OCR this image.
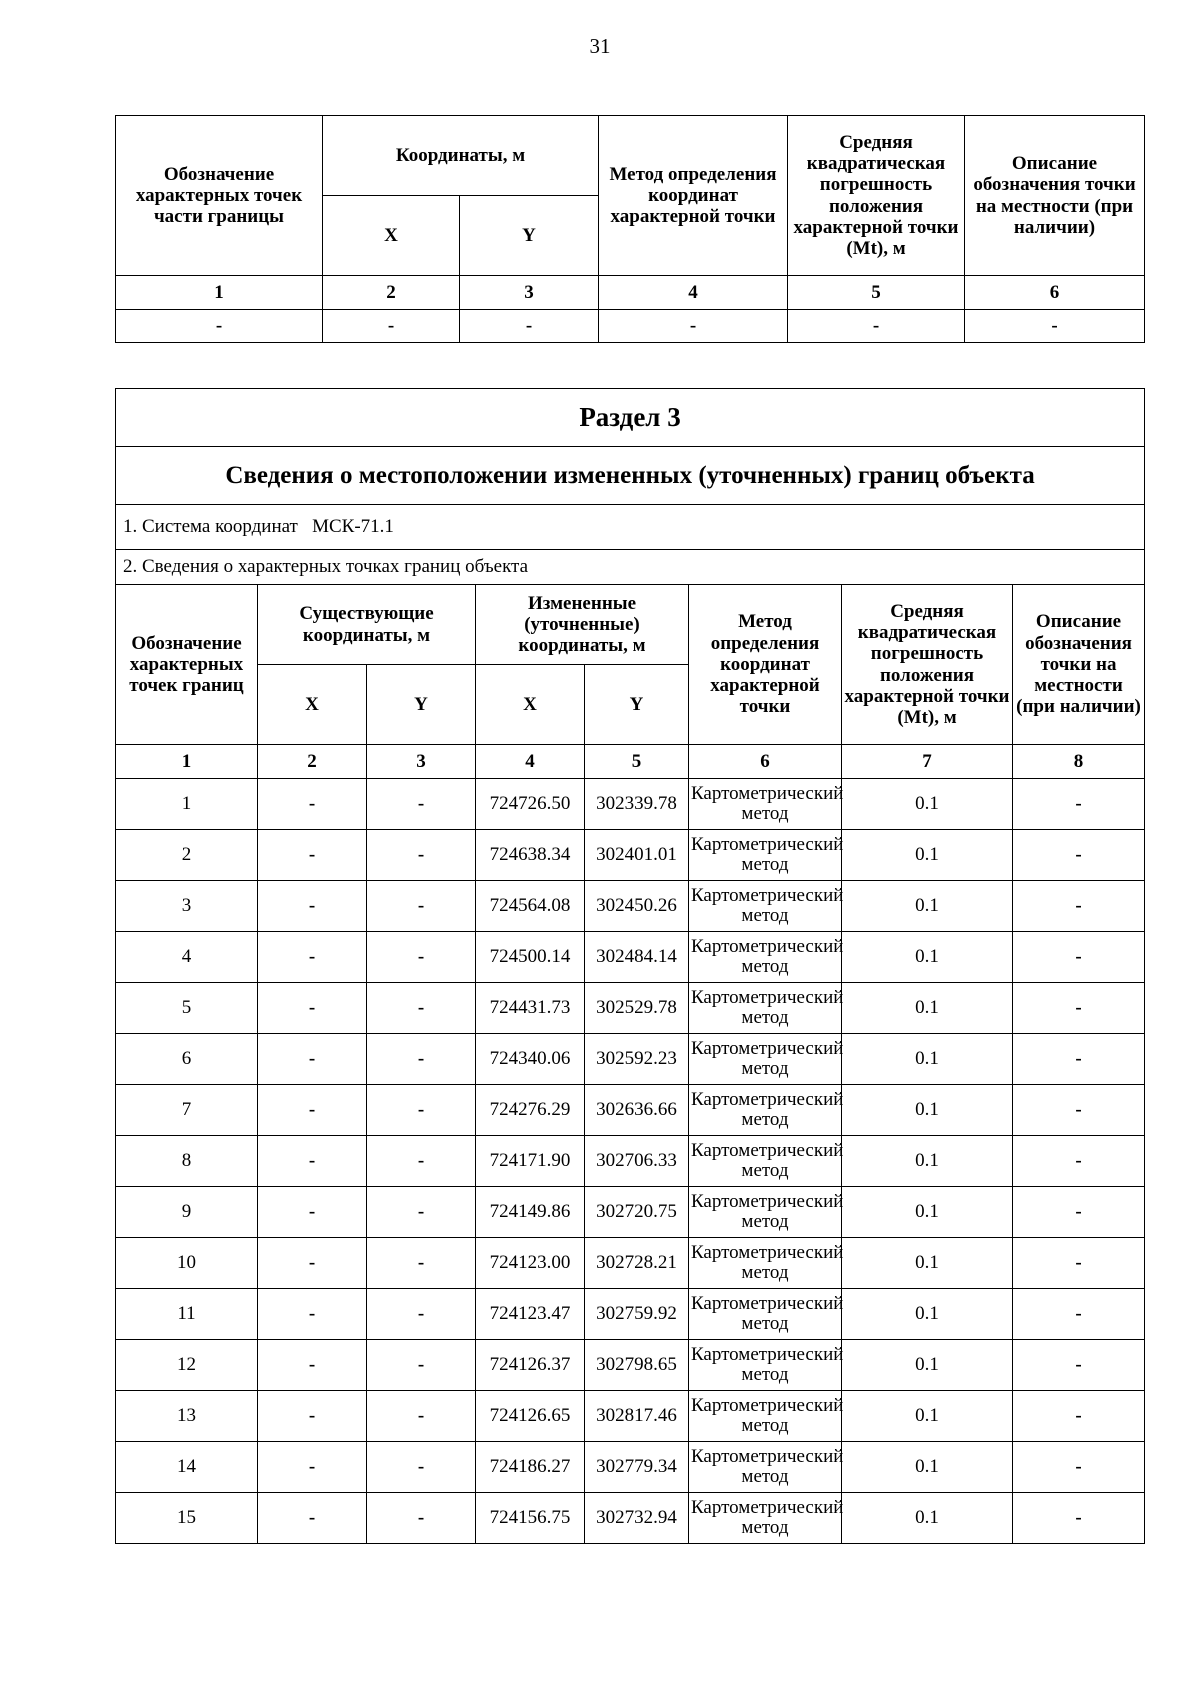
31
Обозначение характерных точек части границы	Координаты, м		Метод определения координат характерной точки	Средняя квадратическая погрешность положения характерной точки (Mt), м	Описание обозначения точки на местности (при наличии)
	X	Y			
1	2	3	4	5	6
-	-	-	-	-	-
Раздел 3							
Сведения о местоположении измененных (уточненных) границ объекта							
1. Система координат   МСК-71.1							
2. Сведения о характерных точках границ объекта							
Обозначение характерных точек границ	Существующие координаты, м		Измененные (уточненные) координаты, м		Метод определения координат характерной точки	Средняя квадратическая погрешность положения характерной точки (Mt), м	Описание обозначения точки на местности (при наличии)
	X	Y	X	Y			
1	2	3	4	5	6	7	8
1	-	-	724726.50	302339.78	Картометрический метод	0.1	-
2	-	-	724638.34	302401.01	Картометрический метод	0.1	-
3	-	-	724564.08	302450.26	Картометрический метод	0.1	-
4	-	-	724500.14	302484.14	Картометрический метод	0.1	-
5	-	-	724431.73	302529.78	Картометрический метод	0.1	-
6	-	-	724340.06	302592.23	Картометрический метод	0.1	-
7	-	-	724276.29	302636.66	Картометрический метод	0.1	-
8	-	-	724171.90	302706.33	Картометрический метод	0.1	-
9	-	-	724149.86	302720.75	Картометрический метод	0.1	-
10	-	-	724123.00	302728.21	Картометрический метод	0.1	-
11	-	-	724123.47	302759.92	Картометрический метод	0.1	-
12	-	-	724126.37	302798.65	Картометрический метод	0.1	-
13	-	-	724126.65	302817.46	Картометрический метод	0.1	-
14	-	-	724186.27	302779.34	Картометрический метод	0.1	-
15	-	-	724156.75	302732.94	Картометрический метод	0.1	-
